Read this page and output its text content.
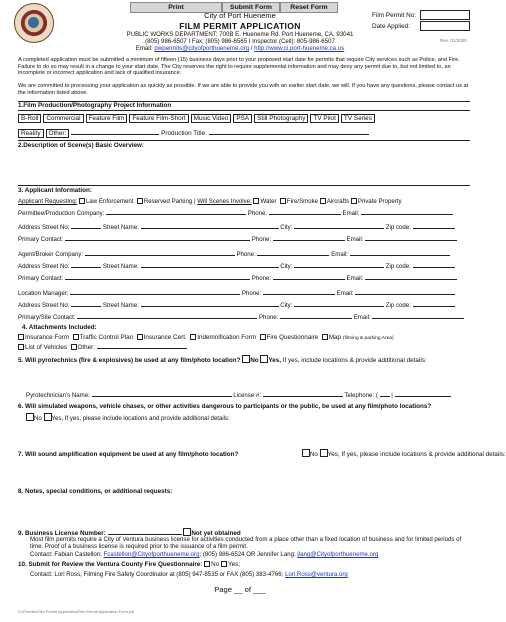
Print	Submit Form	Reset Form
City of Port Hueneme
FILM PERMIT APPLICATION
PUBLIC WORKS DEPARTMENT; 700B E. Hueneme Rd. Port Hueneme, CA, 93041
(805) 986-6507 I Fax: (805) 986-6565 I Inspector (Cell): 805-986-6507
Email: pwpermits@cityofporthueneme.org / http://www.ci.port-hueneme.ca.us
Film Permit No:
Date Applied:
Rev. 01/2020
A completed application must be submitted a minimum of fifteen (15) business days prior to your proposed start date for permits that require City services such as Police, and Fire. Failure to do so may result in a change to your start date. The City reserves the right to require supplemental information and may deny any permit due to, but not limited to, an incomplete or incorrect application and lack of qualified insurance.
We are committed to processing your application as quickly as possible. If we are able to provide you with an earlier start date, we will. If you have any questions, please contact us at the information listed above.
1.Film Production/Photography Project Information
B-Roll Commercial Feature Film Feature Film-Short Music Video PSA Still Photography TV Pilot TV Series
Reality Other:	Production Title:
2.Description of Scene(s) Basic Overview:
3. Applicant Information:
Applicant Requesting: Law Enforcement Reserved Parking | Will Scenes Involve: Water Fire/Smoke Aircrafts Private Property
Permittee/Production Company:	Phone:	Email:
Address Street No:	Street Name:	City:	Zip code:
Primary Contact:	Phone:	Email:
Agent/Broker Company:	Phone:	Email:
Address Street No:	Street Name:	City:	Zip code:
Primary Contact:	Phone:	Email:
Location Manager:	Phone:	Email:
Address Street No:	Street Name:	City:	Zip code:
Primary/Site Contact:	Phone:	Email:
4. Attachments Included:
Insurance Form Traffic Control Plan Insurance Cert. Indemnification Form Fire Questionnaire Map (filming & parking Area)
List of Vehicles Other:
5. Will pyrotechnics (fire & explosives) be used at any film/photo location? No Yes, If yes, include locations & provide additional details:
Pyrotechnician's Name:	License #:	Telephone: (  |
6. Will simulated weapons, vehicle chases, or other activities dangerous to participants or the public, be used at any film/photo locations?
No Yes, If yes, please include locations and provide additional details:
7. Will sound amplification equipment be used at any film/photo location?	No Yes, If yes, please include locations & provide additional details:
8. Notes, special conditions, or additional requests:
9. Business License Number:	Not yet obtained
Most film permits require a City of Ventura business license for activities conducted from a place other than a fixed location of business and for limited periods of time. Proof of a business license is required prior to the issuance of a film permit.
Contact: Fabian Castellon; Fcastellon@Cityofporthueneme.org; (805) 986-6524 OR Jennifer Lang; jlang@Cityofporthueneme.org
10. Submit for Review the Ventura County Fire Questionnaire: No Yes;
Contact: Lori Ross, Filming Fire Safety Coordinator at (805) 947-8535 or FAX (805) 383-4766; Lori.Ross@ventura.org
Page __ of ___
G:\Permits\Film Permit Application\Film Permit Application Form.pdf
